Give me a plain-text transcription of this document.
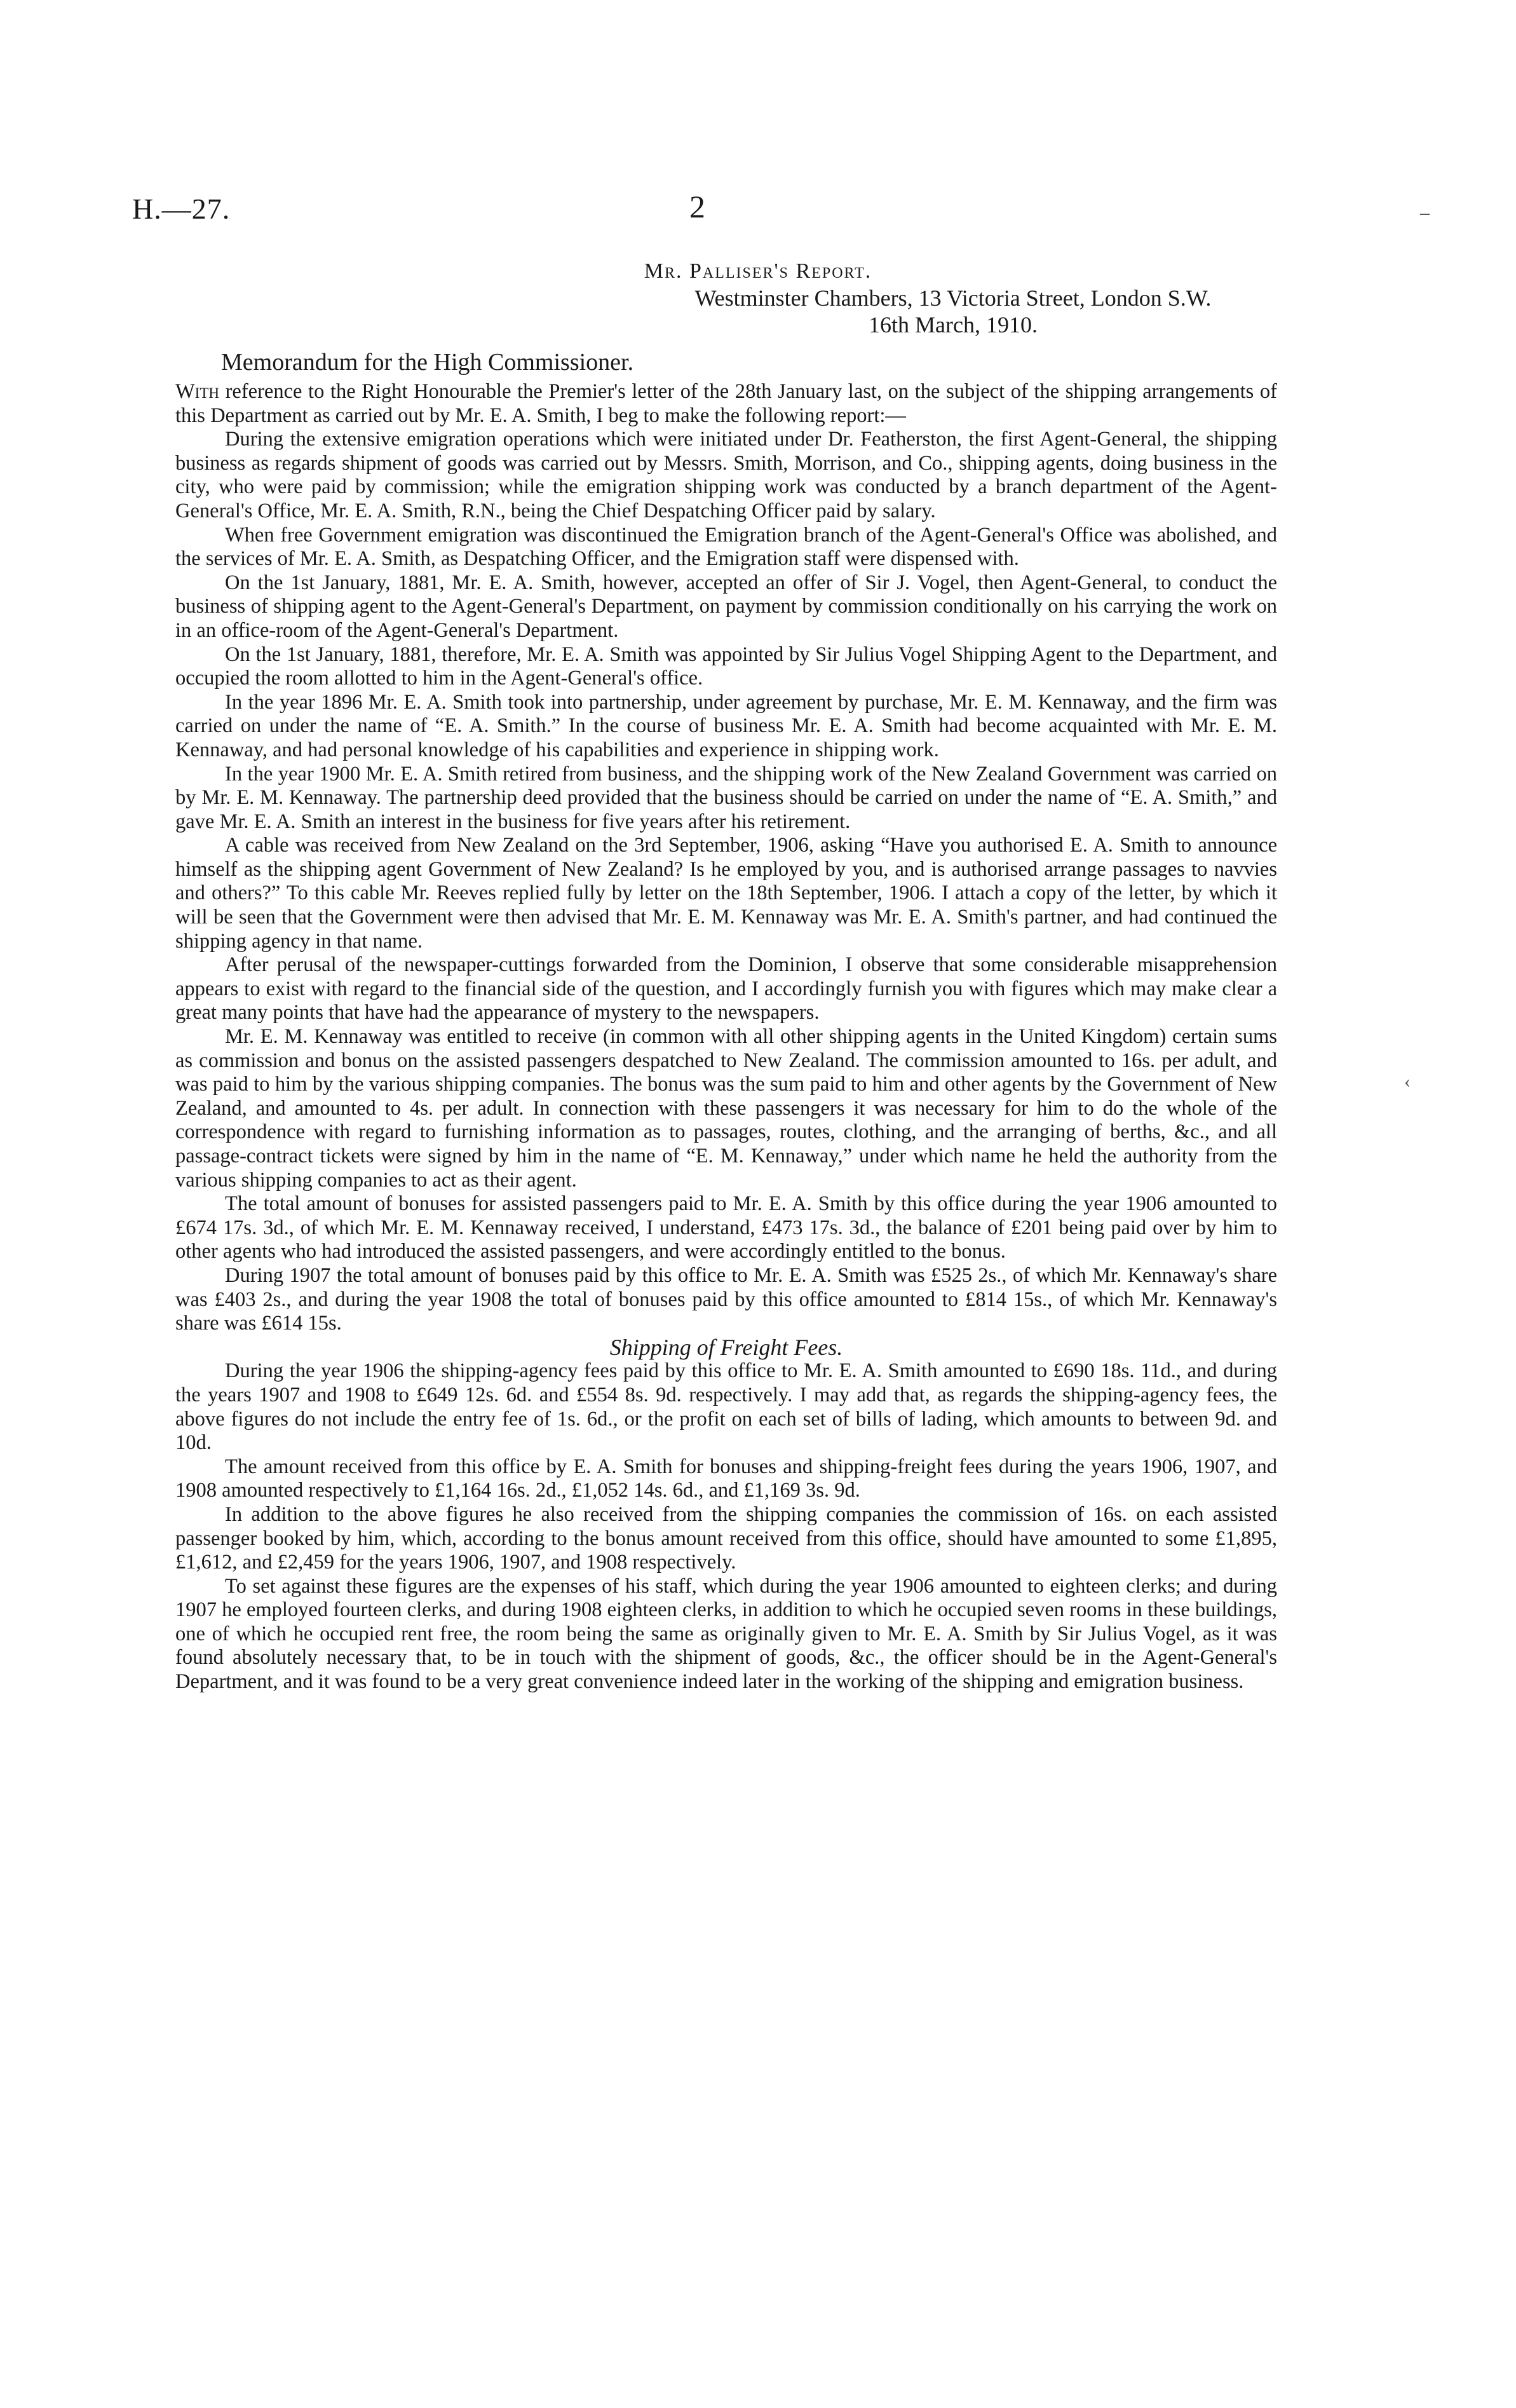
H.—27.	2
Mr. Palliser's Report.
Westminster Chambers, 13 Victoria Street, London S.W.
16th March, 1910.
Memorandum for the High Commissioner.

With reference to the Right Honourable the Premier's letter of the 28th January last, on the subject of the shipping arrangements of this Department as carried out by Mr. E. A. Smith, I beg to make the following report:—

During the extensive emigration operations which were initiated under Dr. Featherston, the first Agent-General, the shipping business as regards shipment of goods was carried out by Messrs. Smith, Morrison, and Co., shipping agents, doing business in the city, who were paid by commission; while the emigration shipping work was conducted by a branch department of the Agent-General's Office, Mr. E. A. Smith, R.N., being the Chief Despatching Officer paid by salary.

When free Government emigration was discontinued the Emigration branch of the Agent-General's Office was abolished, and the services of Mr. E. A. Smith, as Despatching Officer, and the Emigration staff were dispensed with.

On the 1st January, 1881, Mr. E. A. Smith, however, accepted an offer of Sir J. Vogel, then Agent-General, to conduct the business of shipping agent to the Agent-General's Department, on payment by commission conditionally on his carrying the work on in an office-room of the Agent-General's Department.

On the 1st January, 1881, therefore, Mr. E. A. Smith was appointed by Sir Julius Vogel Shipping Agent to the Department, and occupied the room allotted to him in the Agent-General's office.

In the year 1896 Mr. E. A. Smith took into partnership, under agreement by purchase, Mr. E. M. Kennaway, and the firm was carried on under the name of “E. A. Smith.” In the course of business Mr. E. A. Smith had become acquainted with Mr. E. M. Kennaway, and had personal knowledge of his capabilities and experience in shipping work.

In the year 1900 Mr. E. A. Smith retired from business, and the shipping work of the New Zealand Government was carried on by Mr. E. M. Kennaway. The partnership deed provided that the business should be carried on under the name of “E. A. Smith,” and gave Mr. E. A. Smith an interest in the business for five years after his retirement.

A cable was received from New Zealand on the 3rd September, 1906, asking “Have you authorised E. A. Smith to announce himself as the shipping agent Government of New Zealand? Is he employed by you, and is authorised arrange passages to navvies and others?” To this cable Mr. Reeves replied fully by letter on the 18th September, 1906. I attach a copy of the letter, by which it will be seen that the Government were then advised that Mr. E. M. Kennaway was Mr. E. A. Smith's partner, and had continued the shipping agency in that name.

After perusal of the newspaper-cuttings forwarded from the Dominion, I observe that some considerable misapprehension appears to exist with regard to the financial side of the question, and I accordingly furnish you with figures which may make clear a great many points that have had the appearance of mystery to the newspapers.

Mr. E. M. Kennaway was entitled to receive (in common with all other shipping agents in the United Kingdom) certain sums as commission and bonus on the assisted passengers despatched to New Zealand. The commission amounted to 16s. per adult, and was paid to him by the various shipping companies. The bonus was the sum paid to him and other agents by the Government of New Zealand, and amounted to 4s. per adult. In connection with these passengers it was necessary for him to do the whole of the correspondence with regard to furnishing information as to passages, routes, clothing, and the arranging of berths, &c., and all passage-contract tickets were signed by him in the name of “E. M. Kennaway,” under which name he held the authority from the various shipping companies to act as their agent.

The total amount of bonuses for assisted passengers paid to Mr. E. A. Smith by this office during the year 1906 amounted to £674 17s. 3d., of which Mr. E. M. Kennaway received, I understand, £473 17s. 3d., the balance of £201 being paid over by him to other agents who had introduced the assisted passengers, and were accordingly entitled to the bonus.

During 1907 the total amount of bonuses paid by this office to Mr. E. A. Smith was £525 2s., of which Mr. Kennaway's share was £403 2s., and during the year 1908 the total of bonuses paid by this office amounted to £814 15s., of which Mr. Kennaway's share was £614 15s.

Shipping of Freight Fees.

During the year 1906 the shipping-agency fees paid by this office to Mr. E. A. Smith amounted to £690 18s. 11d., and during the years 1907 and 1908 to £649 12s. 6d. and £554 8s. 9d. respectively. I may add that, as regards the shipping-agency fees, the above figures do not include the entry fee of 1s. 6d., or the profit on each set of bills of lading, which amounts to between 9d. and 10d.

The amount received from this office by E. A. Smith for bonuses and shipping-freight fees during the years 1906, 1907, and 1908 amounted respectively to £1,164 16s. 2d., £1,052 14s. 6d., and £1,169 3s. 9d.

In addition to the above figures he also received from the shipping companies the commission of 16s. on each assisted passenger booked by him, which, according to the bonus amount received from this office, should have amounted to some £1,895, £1,612, and £2,459 for the years 1906, 1907, and 1908 respectively.

To set against these figures are the expenses of his staff, which during the year 1906 amounted to eighteen clerks; and during 1907 he employed fourteen clerks, and during 1908 eighteen clerks, in addition to which he occupied seven rooms in these buildings, one of which he occupied rent free, the room being the same as originally given to Mr. E. A. Smith by Sir Julius Vogel, as it was found absolutely necessary that, to be in touch with the shipment of goods, &c., the officer should be in the Agent-General's Department, and it was found to be a very great convenience indeed later in the working of the shipping and emigration business.

‒
‹
